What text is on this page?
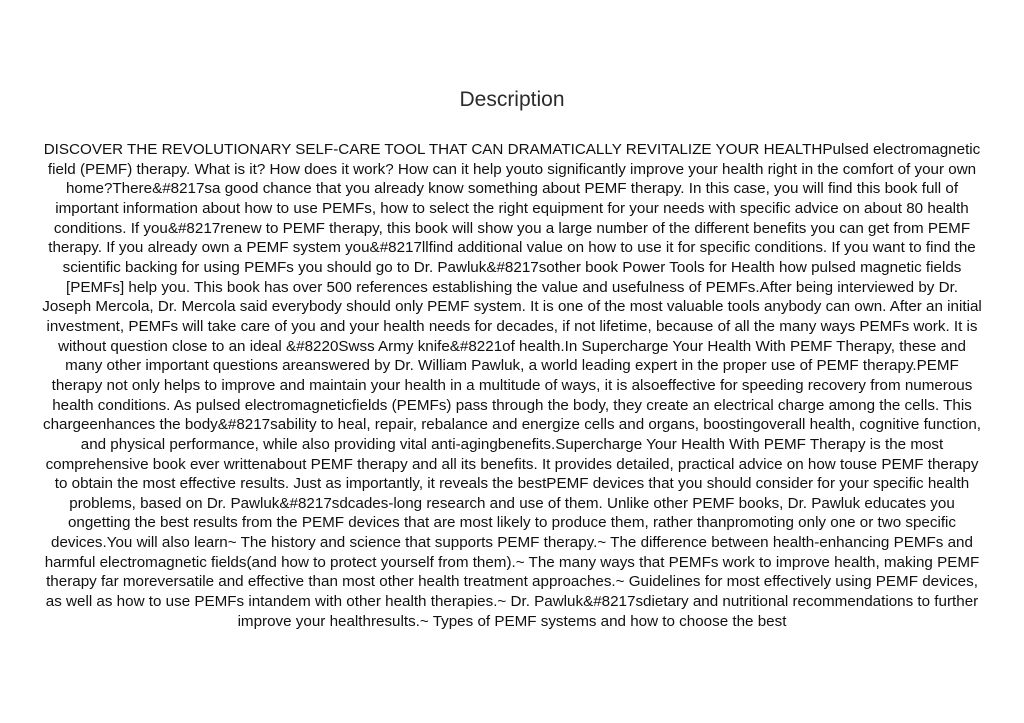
Description

DISCOVER THE REVOLUTIONARY SELF-CARE TOOL THAT CAN DRAMATICALLY REVITALIZE YOUR HEALTHPulsed electromagnetic field (PEMF) therapy. What is it? How does it work? How can it help youto significantly improve your health right in the comfort of your own home?There&#8217sa good chance that you already know something about PEMF therapy. In this case, you will find this book full of important information about how to use PEMFs, how to select the right equipment for your needs with specific advice on about 80 health conditions. If you&#8217renew to PEMF therapy, this book will show you a large number of the different benefits you can get from PEMF therapy. If you already own a PEMF system you&#8217llfind additional value on how to use it for specific conditions. If you want to find the scientific backing for using PEMFs you should go to Dr. Pawluk&#8217sother book Power Tools for Health how pulsed magnetic fields [PEMFs] help you. This book has over 500 references establishing the value and usefulness of PEMFs.After being interviewed by Dr. Joseph Mercola, Dr. Mercola said everybody should only PEMF system. It is one of the most valuable tools anybody can own. After an initial investment, PEMFs will take care of you and your health needs for decades, if not lifetime, because of all the many ways PEMFs work. It is without question close to an ideal &#8220Swss Army knife&#8221of health.In Supercharge Your Health With PEMF Therapy, these and many other important questions areanswered by Dr. William Pawluk, a world leading expert in the proper use of PEMF therapy.PEMF therapy not only helps to improve and maintain your health in a multitude of ways, it is alsoeffective for speeding recovery from numerous health conditions. As pulsed electromagneticfields (PEMFs) pass through the body, they create an electrical charge among the cells. This chargeenhances the body&#8217sability to heal, repair, rebalance and energize cells and organs, boostingoverall health, cognitive function, and physical performance, while also providing vital anti-agingbenefits.Supercharge Your Health With PEMF Therapy is the most comprehensive book ever writtenabout PEMF therapy and all its benefits. It provides detailed, practical advice on how touse PEMF therapy to obtain the most effective results. Just as importantly, it reveals the bestPEMF devices that you should consider for your specific health problems, based on Dr. Pawluk&#8217sdcades-long research and use of them. Unlike other PEMF books, Dr. Pawluk educates you ongetting the best results from the PEMF devices that are most likely to produce them, rather thanpromoting only one or two specific devices.You will also learn~ The history and science that supports PEMF therapy.~ The difference between health-enhancing PEMFs and harmful electromagnetic fields(and how to protect yourself from them).~ The many ways that PEMFs work to improve health, making PEMF therapy far moreversatile and effective than most other health treatment approaches.~ Guidelines for most effectively using PEMF devices, as well as how to use PEMFs intandem with other health therapies.~ Dr. Pawluk&#8217sdietary and nutritional recommendations to further improve your healthresults.~ Types of PEMF systems and how to choose the best
